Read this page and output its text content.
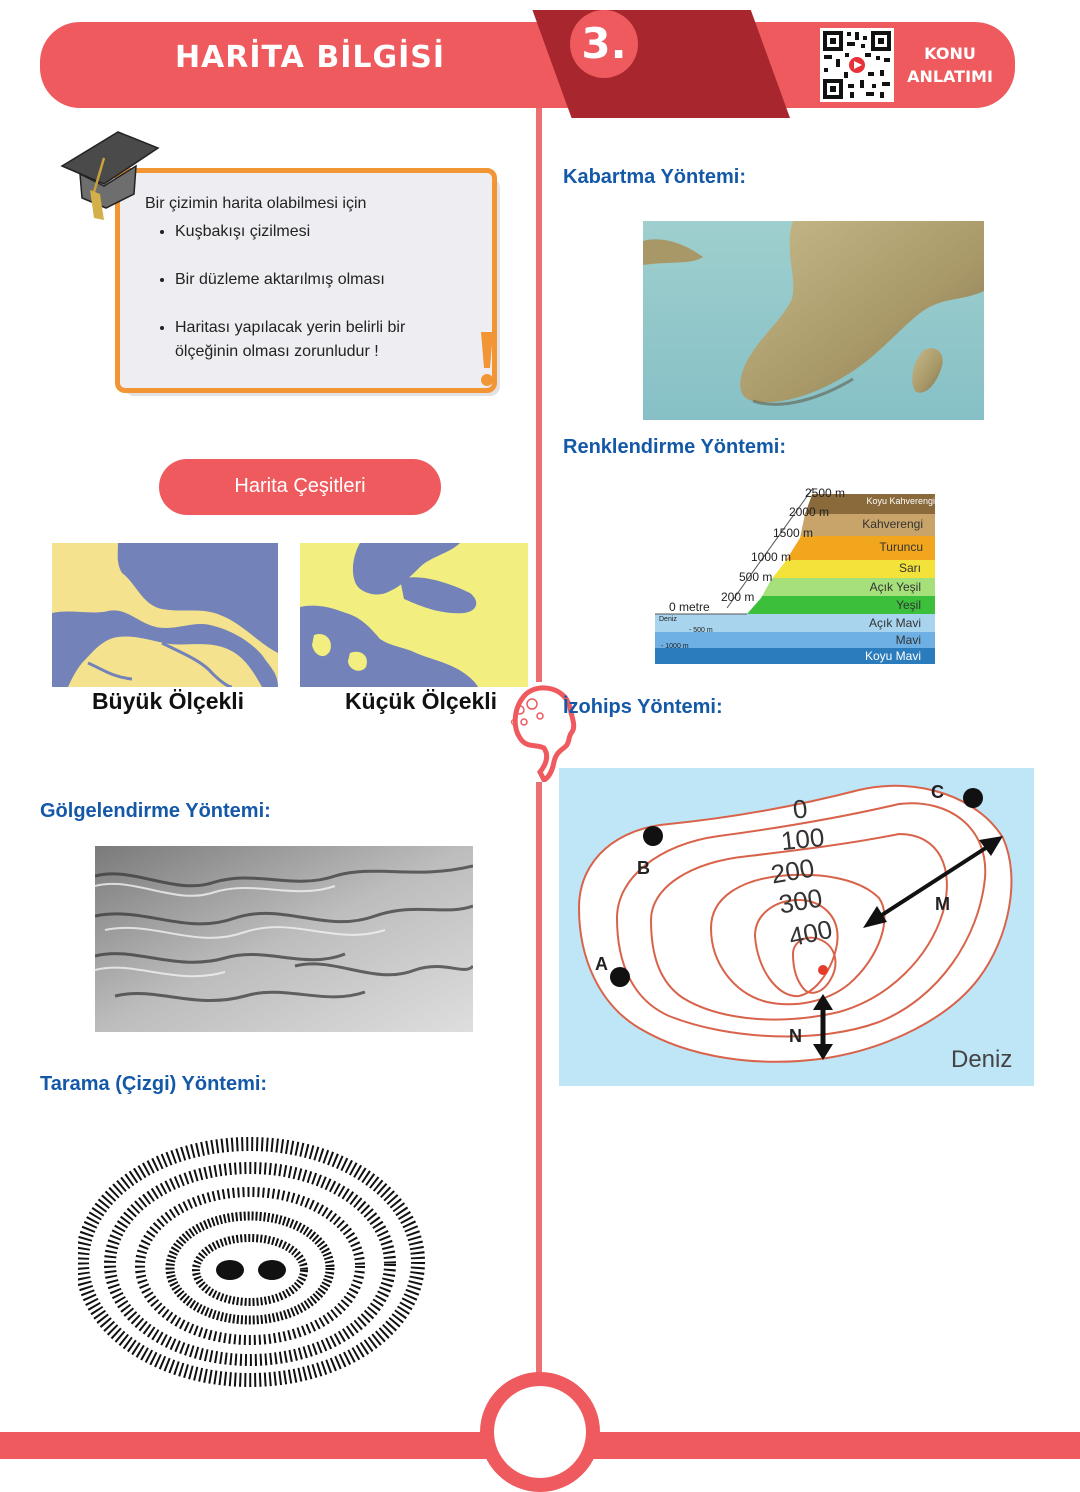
HARİTA BİLGİSİ	3.	KONU
ANLATIMI
Bir çizimin harita olabilmesi için
• Kuşbakışı çizilmesi
• Bir düzleme aktarılmış olması
• Haritası yapılacak yerin belirli bir ölçeğinin olması zorunludur !
Harita Çeşitleri
Büyük Ölçekli	Küçük Ölçekli
Gölgelendirme Yöntemi:
Tarama (Çizgi) Yöntemi:
Kabartma Yöntemi:
Renklendirme Yöntemi:
Koyu Kahverengi
Kahverengi
Turuncu
Sarı
Açık Yeşil
Yeşil
Açık Mavi
Mavi
Koyu Mavi
2500 m
2000 m
1500 m
1000 m
500 m
200 m
0 metre
Deniz
- 500 m
- 1000 m
İzohips Yöntemi:
0
100
200
300
400
A
B
C
M
N
Deniz
